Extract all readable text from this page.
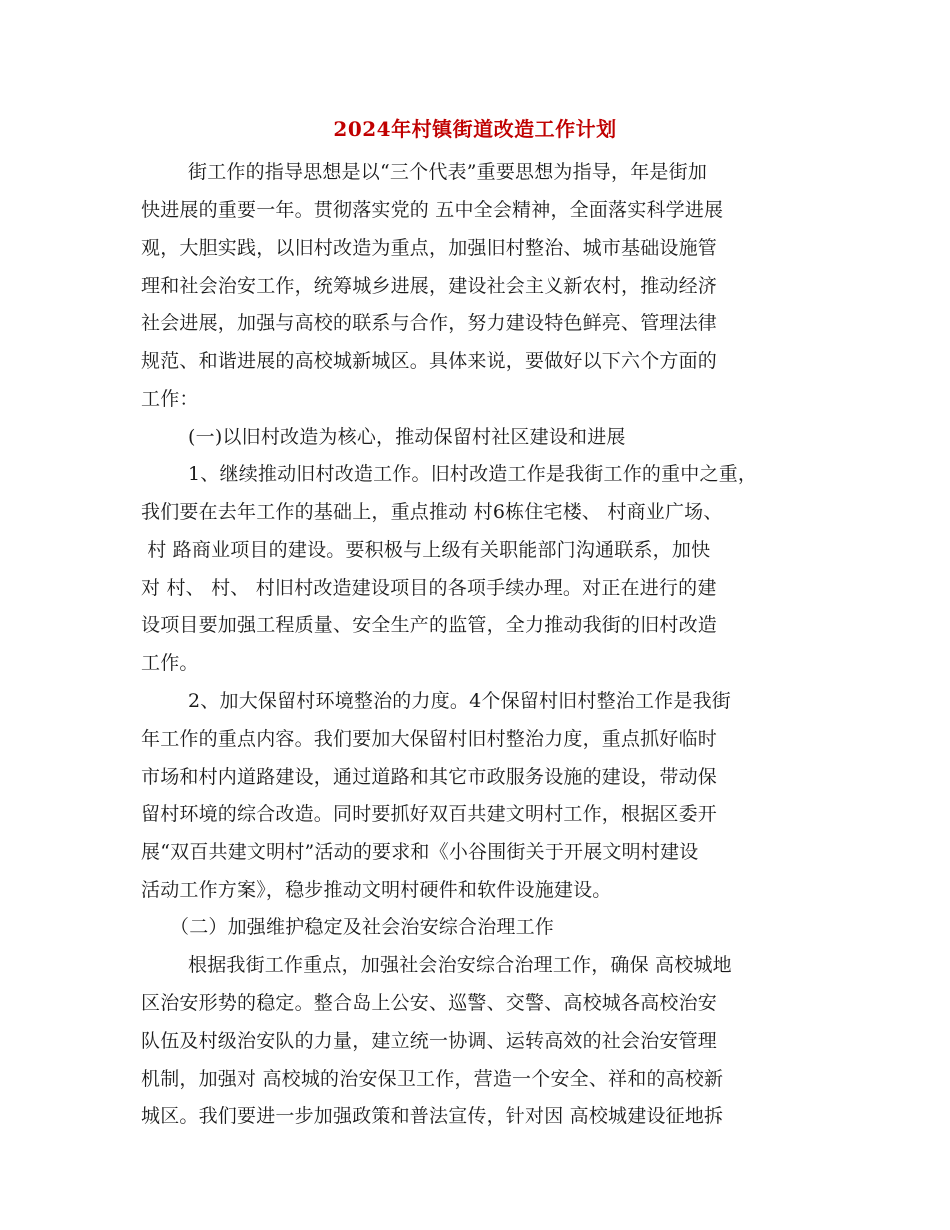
2024年村镇街道改造工作计划
街工作的指导思想是以“三个代表”重要思想为指导，年是街加
快进展的重要一年。贯彻落实党的 五中全会精神，全面落实科学进展
观，大胆实践，以旧村改造为重点，加强旧村整治、城市基础设施管
理和社会治安工作，统筹城乡进展，建设社会主义新农村，推动经济
社会进展，加强与高校的联系与合作，努力建设特色鲜亮、管理法律
规范、和谐进展的高校城新城区。具体来说，要做好以下六个方面的
工作：
(一)以旧村改造为核心，推动保留村社区建设和进展
1、继续推动旧村改造工作。旧村改造工作是我街工作的重中之重，
我们要在去年工作的基础上，重点推动 村6栋住宅楼、 村商业广场、
村 路商业项目的建设。要积极与上级有关职能部门沟通联系，加快
对 村、 村、 村旧村改造建设项目的各项手续办理。对正在进行的建
设项目要加强工程质量、安全生产的监管，全力推动我街的旧村改造
工作。
2、加大保留村环境整治的力度。4个保留村旧村整治工作是我街
年工作的重点内容。我们要加大保留村旧村整治力度，重点抓好临时
市场和村内道路建设，通过道路和其它市政服务设施的建设，带动保
留村环境的综合改造。同时要抓好双百共建文明村工作，根据区委开
展“双百共建文明村”活动的要求和《小谷围街关于开展文明村建设
活动工作方案》，稳步推动文明村硬件和软件设施建设。
（二）加强维护稳定及社会治安综合治理工作
根据我街工作重点，加强社会治安综合治理工作，确保 高校城地
区治安形势的稳定。整合岛上公安、巡警、交警、高校城各高校治安
队伍及村级治安队的力量，建立统一协调、运转高效的社会治安管理
机制，加强对 高校城的治安保卫工作，营造一个安全、祥和的高校新
城区。我们要进一步加强政策和普法宣传，针对因 高校城建设征地拆
